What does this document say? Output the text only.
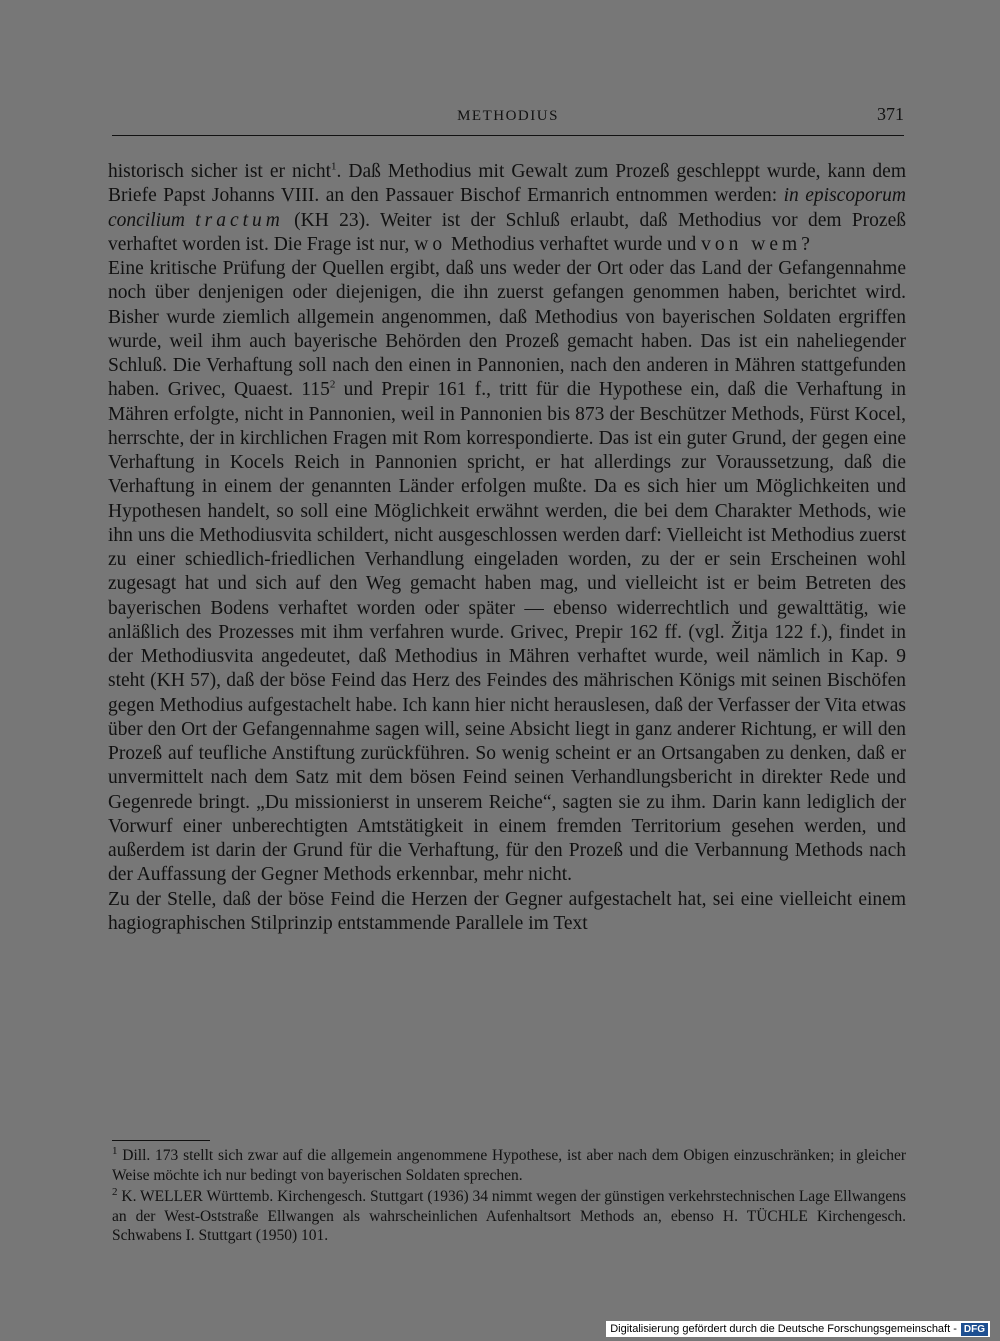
METHODIUS	371

historisch sicher ist er nicht$^1$. Daß Methodius mit Gewalt zum Prozeß geschleppt wurde, kann dem Briefe Papst Johanns VIII. an den Passauer Bischof Ermanrich entnommen werden: in episcoporum concilium tractum (KH 23). Weiter ist der Schluß erlaubt, daß Methodius vor dem Prozeß verhaftet worden ist. Die Frage ist nur, wo Methodius verhaftet wurde und von wem?

Eine kritische Prüfung der Quellen ergibt, daß uns weder der Ort oder das Land der Gefangennahme noch über denjenigen oder diejenigen, die ihn zuerst gefangen genommen haben, berichtet wird. Bisher wurde ziemlich allgemein angenommen, daß Methodius von bayerischen Soldaten ergriffen wurde, weil ihm auch bayerische Behörden den Prozeß gemacht haben. Das ist ein naheliegender Schluß. Die Verhaftung soll nach den einen in Pannonien, nach den anderen in Mähren stattgefunden haben. Grivec, Quaest. $115^2$ und Prepir 161 f., tritt für die Hypothese ein, daß die Verhaftung in Mähren erfolgte, nicht in Pannonien, weil in Pannonien bis 873 der Beschützer Methods, Fürst Kocel, herrschte, der in kirchlichen Fragen mit Rom korrespondierte. Das ist ein guter Grund, der gegen eine Verhaftung in Kocels Reich in Pannonien spricht, er hat allerdings zur Voraussetzung, daß die Verhaftung in einem der genannten Länder erfolgen mußte. Da es sich hier um Möglichkeiten und Hypothesen handelt, so soll eine Möglichkeit erwähnt werden, die bei dem Charakter Methods, wie ihn uns die Methodiusvita schildert, nicht ausgeschlossen werden darf: Vielleicht ist Methodius zuerst zu einer schiedlich-friedlichen Verhandlung eingeladen worden, zu der er sein Erscheinen wohl zugesagt hat und sich auf den Weg gemacht haben mag, und vielleicht ist er beim Betreten des bayerischen Bodens verhaftet worden oder später — ebenso widerrechtlich und gewalttätig, wie anläßlich des Prozesses mit ihm verfahren wurde. Grivec, Prepir 162 ff. (vgl. Žitja 122 f.), findet in der Methodiusvita angedeutet, daß Methodius in Mähren verhaftet wurde, weil nämlich in Kap. 9 steht (KH 57), daß der böse Feind das Herz des Feindes des mährischen Königs mit seinen Bischöfen gegen Methodius aufgestachelt habe. Ich kann hier nicht herauslesen, daß der Verfasser der Vita etwas über den Ort der Gefangennahme sagen will, seine Absicht liegt in ganz anderer Richtung, er will den Prozeß auf teufliche Anstiftung zurückführen. So wenig scheint er an Ortsangaben zu denken, daß er unvermittelt nach dem Satz mit dem bösen Feind seinen Verhandlungsbericht in direkter Rede und Gegenrede bringt. „Du missionierst in unserem Reiche“, sagten sie zu ihm. Darin kann lediglich der Vorwurf einer unberechtigten Amtstätigkeit in einem fremden Territorium gesehen werden, und außerdem ist darin der Grund für die Verhaftung, für den Prozeß und die Verbannung Methods nach der Auffassung der Gegner Methods erkennbar, mehr nicht.

Zu der Stelle, daß der böse Feind die Herzen der Gegner aufgestachelt hat, sei eine vielleicht einem hagiographischen Stilprinzip entstammende Parallele im Text

$^1$ Dill. 173 stellt sich zwar auf die allgemein angenommene Hypothese, ist aber nach dem Obigen einzuschränken; in gleicher Weise möchte ich nur bedingt von bayerischen Soldaten sprechen.

$^2$ K. WELLER Württemb. Kirchengesch. Stuttgart (1936) 34 nimmt wegen der günstigen verkehrstechnischen Lage Ellwangens an der West-Oststraße Ellwangen als wahrscheinlichen Aufenhaltsort Methods an, ebenso H. TÜCHLE Kirchengesch. Schwabens I. Stuttgart (1950) 101.

Digitalisierung gefördert durch die Deutsche Forschungsgemeinschaft - DFG
